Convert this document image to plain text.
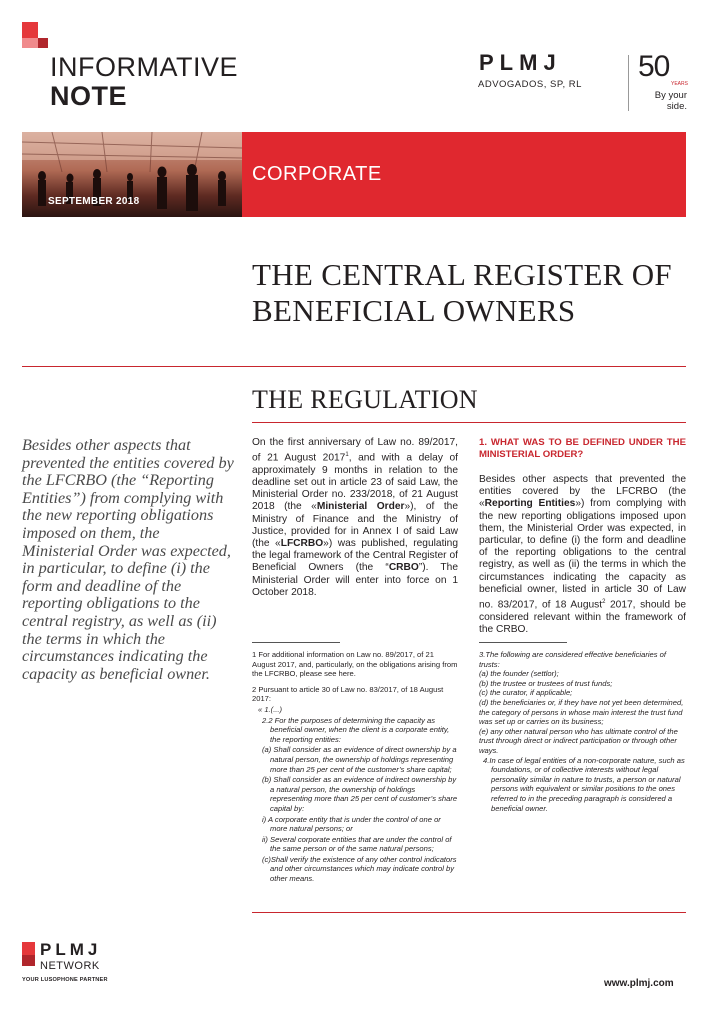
INFORMATIVE
NOTE
PLMJ
ADVOGADOS, SP, RL
50
YEARS
By your side.
CORPORATE
SEPTEMBER 2018
THE CENTRAL REGISTER OF BENEFICIAL OWNERS
THE REGULATION
Besides other aspects that prevented the entities covered by the LFCRBO (the “Reporting Entities”) from complying with the new reporting obligations imposed on them, the Ministerial Order was expected, in particular, to define (i) the form and deadline of the reporting obligations to the central registry, as well as (ii) the terms in which the circumstances indicating the capacity as beneficial owner.
On the first anniversary of Law no. 89/2017, of 21 August 2017$^1$, and with a delay of approximately 9 months in relation to the deadline set out in article 23 of said Law, the Ministerial Order no. 233/2018, of 21 August 2018 (the «Ministerial Order»), of the Ministry of Finance and the Ministry of Justice, provided for in Annex I of said Law (the «LFCRBO») was published, regulating the legal framework of the Central Register of Beneficial Owners (the “CRBO”). The Ministerial Order will enter into force on 1 October 2018.
1. WHAT WAS TO BE DEFINED UNDER THE MINISTERIAL ORDER?
Besides other aspects that prevented the entities covered by the LFCRBO (the «Reporting Entities») from complying with the new reporting obligations imposed upon them, the Ministerial Order was expected, in particular, to define (i) the form and deadline of the reporting obligations to the central registry, as well as (ii) the terms in which the circumstances indicating the capacity as beneficial owner, listed in article 30 of Law no. 83/2017, of 18 August$^2$ 2017, should be considered relevant within the framework of the CRBO.

1 For additional information on Law no. 89/2017, of 21 August 2017, and, particularly, on the obligations arising from the LFCRBO, please see here.

2 Pursuant to article 30 of Law no. 83/2017, of 18 August 2017:

« 1.(...)
2.2 For the purposes of determining the capacity as beneficial owner, when the client is a corporate entity, the reporting entities:
(a) Shall consider as an evidence of direct ownership by a natural person, the ownership of holdings representing more than 25 per cent of the customer’s share capital;
(b) Shall consider as an evidence of indirect ownership by a natural person, the ownership of holdings representing more than 25 per cent of customer’s share capital by:
i) A corporate entity that is under the control of one or more natural persons; or
ii) Several corporate entities that are under the control of the same person or of the same natural persons;
(c)Shall verify the existence of any other control indicators and other circumstances which may indicate control by other means.
3.The following are considered effective beneficiaries of trusts:
(a) the founder (settlor);
(b) the trustee or trustees of trust funds;
(c) the curator, if applicable;
(d) the beneficiaries or, if they have not yet been determined, the category of persons in whose main interest the trust fund was set up or carries on its business;
(e) any other natural person who has ultimate control of the trust through direct or indirect participation or through other ways.
4.In case of legal entities of a non-corporate nature, such as foundations, or of collective interests without legal personality similar in nature to trusts, a person or natural persons with equivalent or similar positions to the ones referred to in the preceding paragraph is considered a beneficial owner.
PLMJ
NETWORK
YOUR LUSOPHONE PARTNER	www.plmj.com
